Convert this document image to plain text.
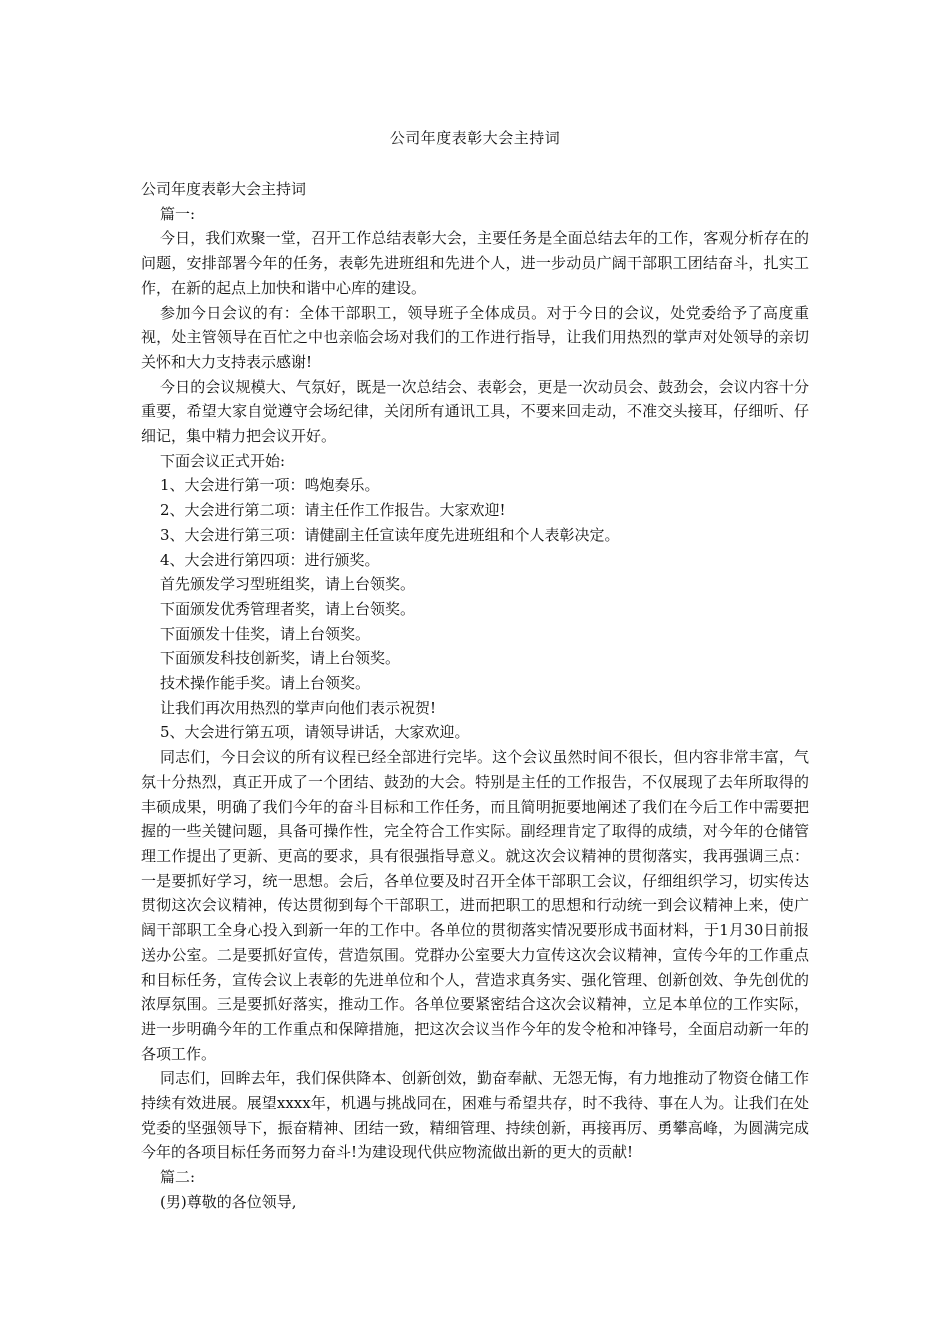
公司年度表彰大会主持词

公司年度表彰大会主持词

篇一:

今日，我们欢聚一堂，召开工作总结表彰大会，主要任务是全面总结去年的工作，客观分析存在的问题，安排部署今年的任务，表彰先进班组和先进个人，进一步动员广阔干部职工团结奋斗，扎实工作，在新的起点上加快和谐中心库的建设。

参加今日会议的有：全体干部职工，领导班子全体成员。对于今日的会议，处党委给予了高度重视，处主管领导在百忙之中也亲临会场对我们的工作进行指导，让我们用热烈的掌声对处领导的亲切关怀和大力支持表示感谢!

今日的会议规模大、气氛好，既是一次总结会、表彰会，更是一次动员会、鼓劲会，会议内容十分重要，希望大家自觉遵守会场纪律，关闭所有通讯工具，不要来回走动，不准交头接耳，仔细听、仔细记，集中精力把会议开好。

下面会议正式开始:

1、大会进行第一项：鸣炮奏乐。

2、大会进行第二项：请主任作工作报告。大家欢迎!

3、大会进行第三项：请健副主任宣读年度先进班组和个人表彰决定。

4、大会进行第四项：进行颁奖。

首先颁发学习型班组奖，请上台领奖。

下面颁发优秀管理者奖，请上台领奖。

下面颁发十佳奖，请上台领奖。

下面颁发科技创新奖，请上台领奖。

技术操作能手奖。请上台领奖。

让我们再次用热烈的掌声向他们表示祝贺!

5、大会进行第五项，请领导讲话，大家欢迎。

同志们，今日会议的所有议程已经全部进行完毕。这个会议虽然时间不很长，但内容非常丰富，气氛十分热烈，真正开成了一个团结、鼓劲的大会。特别是主任的工作报告，不仅展现了去年所取得的丰硕成果，明确了我们今年的奋斗目标和工作任务，而且简明扼要地阐述了我们在今后工作中需要把握的一些关键问题，具备可操作性，完全符合工作实际。副经理肯定了取得的成绩，对今年的仓储管理工作提出了更新、更高的要求，具有很强指导意义。就这次会议精神的贯彻落实，我再强调三点：一是要抓好学习，统一思想。会后，各单位要及时召开全体干部职工会议，仔细组织学习，切实传达贯彻这次会议精神，传达贯彻到每个干部职工，进而把职工的思想和行动统一到会议精神上来，使广阔干部职工全身心投入到新一年的工作中。各单位的贯彻落实情况要形成书面材料，于1月30日前报送办公室。二是要抓好宣传，营造氛围。党群办公室要大力宣传这次会议精神，宣传今年的工作重点和目标任务，宣传会议上表彰的先进单位和个人，营造求真务实、强化管理、创新创效、争先创优的浓厚氛围。三是要抓好落实，推动工作。各单位要紧密结合这次会议精神，立足本单位的工作实际，进一步明确今年的工作重点和保障措施，把这次会议当作今年的发令枪和冲锋号，全面启动新一年的各项工作。

同志们，回眸去年，我们保供降本、创新创效，勤奋奉献、无怨无悔，有力地推动了物资仓储工作持续有效进展。展望xxxx年，机遇与挑战同在，困难与希望共存，时不我待、事在人为。让我们在处党委的坚强领导下，振奋精神、团结一致，精细管理、持续创新，再接再厉、勇攀高峰，为圆满完成今年的各项目标任务而努力奋斗!为建设现代供应物流做出新的更大的贡献!

篇二:

(男)尊敬的各位领导,
